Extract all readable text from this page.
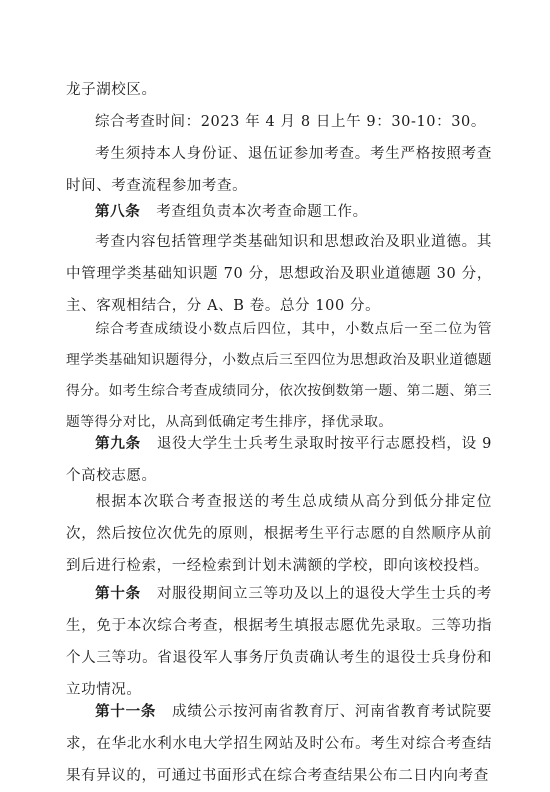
龙子湖校区。

综合考查时间：2023 年 4 月 8 日上午 9：30-10：30。

考生须持本人身份证、退伍证参加考查。考生严格按照考查时间、考查流程参加考查。

第八条 考查组负责本次考查命题工作。

考查内容包括管理学类基础知识和思想政治及职业道德。其中管理学类基础知识题 70 分，思想政治及职业道德题 30 分，主、客观相结合，分 A、B 卷。总分 100 分。

综合考查成绩设小数点后四位，其中，小数点后一至二位为管理学类基础知识题得分，小数点后三至四位为思想政治及职业道德题得分。如考生综合考查成绩同分，依次按倒数第一题、第二题、第三题等得分对比，从高到低确定考生排序，择优录取。

第九条 退役大学生士兵考生录取时按平行志愿投档，设 9 个高校志愿。

根据本次联合考查报送的考生总成绩从高分到低分排定位次，然后按位次优先的原则，根据考生平行志愿的自然顺序从前到后进行检索，一经检索到计划未满额的学校，即向该校投档。

第十条 对服役期间立三等功及以上的退役大学生士兵的考生，免于本次综合考查，根据考生填报志愿优先录取。三等功指个人三等功。省退役军人事务厅负责确认考生的退役士兵身份和立功情况。

第十一条 成绩公示按河南省教育厅、河南省教育考试院要求，在华北水利水电大学招生网站及时公布。考生对综合考查结果有异议的，可通过书面形式在综合考查结果公布二日内向考查
